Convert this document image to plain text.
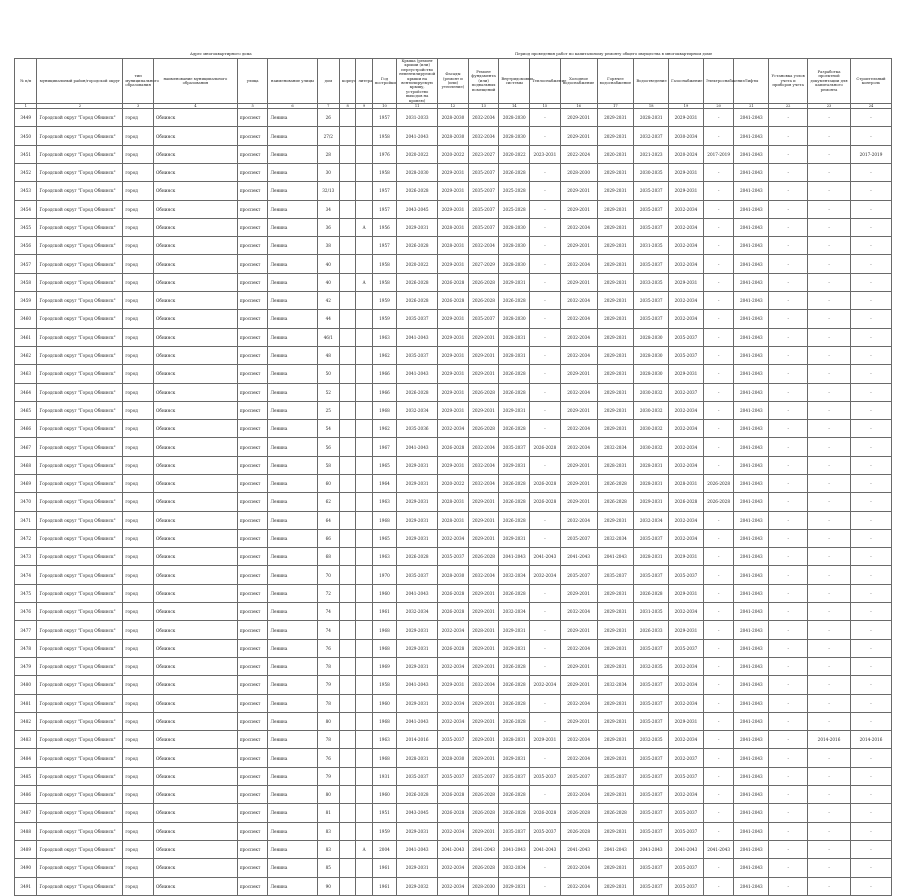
Адрес многоквартирного дома	Период проведения работ по капитальному ремонту общего имущества в многоквартирном доме
№ п/п	муниципальный район/городской округ	тип муниципального образования	наименование муниципального образования	улица	наименование улицы	дом	корпус	литера	Год постройки	Крыша (ремонт крыши (или) переустройство невентилируемой крыши на вентилируемую крышу, устройство выходов на кровлю)	Фасады (ремонт и (или) утепление)	Ремонт фундамента (или) подвальных помещений	Внутридомовые системы	Теплоснабжение	Холодное водоснабжение	Горячее водоснабжение	Водоотведение	Газоснабжение	Электроснабжение	Лифты	Установка узлов учета и приборов учета	Разработка проектной документации для капитального ремонта	Строительный контроль
1	2	3	4	5	6	7	8	9	10	11	12	13	14	15	16	17	18	19	20	21	22	23	24
3449	Городской округ "Город Обнинск"	город	Обнинск	проспект	Ленина	26			1957	2031-2033	2028-2030	2032-2034	2028-2030	-	2029-2031	2029-2031	2028-2031	2029-2031	-	2041-2043	-	-	-
3450	Городской округ "Город Обнинск"	город	Обнинск	проспект	Ленина	27/2			1958	2041-2043	2028-2030	2032-2034	2028-2030	-	2029-2031	2029-2031	2032-2037	2030-2034	-	2041-2043	-	-	-
3451	Городской округ "Город Обнинск"	город	Обнинск	проспект	Ленина	28			1976	2020-2022	2020-2022	2023-2027	2020-2022	2023-2031	2022-2024	2020-2031	2021-2023	2020-2024	2017-2019	2041-2043	-	-	2017-2019
3452	Городской округ "Город Обнинск"	город	Обнинск	проспект	Ленина	30			1958	2028-2030	2029-2031	2035-2037	2026-2028	-	2028-2030	2029-2031	2030-2035	2029-2031	-	2041-2043	-	-	-
3453	Городской округ "Город Обнинск"	город	Обнинск	проспект	Ленина	32/13			1957	2026-2028	2029-2031	2035-2037	2025-2028	-	2029-2031	2029-2031	2035-2037	2029-2031	-	2041-2043	-	-	-
3454	Городской округ "Город Обнинск"	город	Обнинск	проспект	Ленина	34			1957	2043-2045	2029-2031	2035-2037	2025-2028	-	2029-2031	2029-2031	2035-2037	2032-2034	-	2041-2043	-	-	-
3455	Городской округ "Город Обнинск"	город	Обнинск	проспект	Ленина	36		А	1956	2029-2031	2028-2031	2035-2037	2028-2030	-	2032-2034	2029-2031	2035-2037	2032-2034	-	2041-2043	-	-	-
3456	Городской округ "Город Обнинск"	город	Обнинск	проспект	Ленина	38			1957	2026-2028	2028-2031	2032-2034	2028-2030	-	2029-2031	2029-2031	2031-2035	2032-2034	-	2041-2043	-	-	-
3457	Городской округ "Город Обнинск"	город	Обнинск	проспект	Ленина	40			1958	2020-2022	2029-2031	2027-2029	2028-2030	-	2032-2034	2029-2031	2035-2037	2032-2034	-	2041-2043	-	-	-
3458	Городской округ "Город Обнинск"	город	Обнинск	проспект	Ленина	40		А	1958	2026-2028	2026-2028	2026-2028	2029-2031	-	2029-2031	2029-2031	2033-2035	2029-2031	-	2041-2043	-	-	-
3459	Городской округ "Город Обнинск"	город	Обнинск	проспект	Ленина	42			1959	2026-2028	2026-2028	2026-2028	2026-2028	-	2032-2034	2029-2031	2035-2037	2032-2034	-	2041-2043	-	-	-
3460	Городской округ "Город Обнинск"	город	Обнинск	проспект	Ленина	44			1959	2035-2037	2029-2031	2035-2037	2028-2030	-	2032-2034	2029-2031	2035-2037	2032-2034	-	2041-2043	-	-	-
3461	Городской округ "Город Обнинск"	город	Обнинск	проспект	Ленина	46/1			1963	2041-2043	2029-2031	2029-2031	2028-2031	-	2032-2034	2029-2031	2028-2030	2035-2037	-	2041-2043	-	-	-
3462	Городской округ "Город Обнинск"	город	Обнинск	проспект	Ленина	48			1962	2035-2037	2029-2031	2029-2031	2028-2031	-	2032-2034	2029-2031	2028-2030	2035-2037	-	2041-2043	-	-	-
3463	Городской округ "Город Обнинск"	город	Обнинск	проспект	Ленина	50			1966	2041-2043	2029-2031	2029-2031	2026-2028	-	2029-2031	2029-2031	2028-2030	2029-2031	-	2041-2043	-	-	-
3464	Городской округ "Город Обнинск"	город	Обнинск	проспект	Ленина	52			1966	2026-2028	2029-2031	2026-2028	2026-2028	-	2032-2034	2029-2031	2030-2032	2032-2037	-	2041-2043	-	-	-
3465	Городской округ "Город Обнинск"	город	Обнинск	проспект	Ленина	25			1968	2032-2034	2029-2031	2029-2031	2029-2031	-	2029-2031	2029-2031	2030-2032	2032-2034	-	2041-2043	-	-	-
3466	Городской округ "Город Обнинск"	город	Обнинск	проспект	Ленина	54			1962	2035-2036	2032-2034	2026-2028	2026-2028	-	2032-2034	2029-2031	2030-2032	2032-2034	-	2041-2043	-	-	-
3467	Городской округ "Город Обнинск"	город	Обнинск	проспект	Ленина	56			1967	2041-2043	2026-2028	2032-2034	2035-2037	2026-2028	2032-2034	2032-2034	2030-2032	2032-2034	-	2041-2043	-	-	-
3468	Городской округ "Город Обнинск"	город	Обнинск	проспект	Ленина	58			1965	2029-2031	2029-2031	2032-2034	2029-2031	-	2029-2031	2028-2031	2028-2031	2032-2034	-	2041-2043	-	-	-
3469	Городской округ "Город Обнинск"	город	Обнинск	проспект	Ленина	60			1964	2029-2031	2020-2022	2032-2034	2026-2028	2026-2028	2029-2031	2026-2028	2028-2031	2028-2031	2026-2028	2041-2043	-	-	-
3470	Городской округ "Город Обнинск"	город	Обнинск	проспект	Ленина	62			1963	2029-2031	2028-2031	2029-2031	2026-2028	2026-2028	2029-2031	2026-2028	2029-2031	2026-2028	2026-2028	2041-2043	-	-	-
3471	Городской округ "Город Обнинск"	город	Обнинск	проспект	Ленина	64			1968	2029-2031	2028-2031	2029-2031	2026-2028	-	2032-2034	2029-2031	2032-2034	2032-2034	-	2041-2043	-	-	-
3472	Городской округ "Город Обнинск"	город	Обнинск	проспект	Ленина	66			1965	2029-2031	2032-2034	2029-2031	2029-2031	-	2035-2037	2032-2034	2035-2037	2032-2034	-	2041-2043	-	-	-
3473	Городской округ "Город Обнинск"	город	Обнинск	проспект	Ленина	68			1963	2026-2028	2035-2037	2026-2028	2041-2043	2041-2043	2041-2043	2041-2043	2028-2031	2029-2031	-	2041-2043	-	-	-
3474	Городской округ "Город Обнинск"	город	Обнинск	проспект	Ленина	70			1970	2035-2037	2028-2030	2032-2034	2032-2034	2032-2034	2035-2037	2035-2037	2035-2037	2035-2037	-	2041-2043	-	-	-
3475	Городской округ "Город Обнинск"	город	Обнинск	проспект	Ленина	72			1960	2041-2043	2026-2028	2029-2031	2026-2028	-	2029-2031	2029-2031	2026-2028	2029-2031	-	2041-2043	-	-	-
3476	Городской округ "Город Обнинск"	город	Обнинск	проспект	Ленина	74			1961	2032-2034	2026-2028	2029-2031	2032-2034	-	2032-2034	2029-2031	2031-2035	2032-2034	-	2041-2043	-	-	-
3477	Городской округ "Город Обнинск"	город	Обнинск	проспект	Ленина	74			1968	2029-2031	2032-2034	2028-2031	2029-2031	-	2029-2031	2029-2031	2026-2033	2029-2031	-	2041-2043	-	-	-
3478	Городской округ "Город Обнинск"	город	Обнинск	проспект	Ленина	76			1968	2029-2031	2026-2028	2029-2031	2029-2031	-	2032-2034	2029-2031	2035-2037	2035-2037	-	2041-2043	-	-	-
3479	Городской округ "Город Обнинск"	город	Обнинск	проспект	Ленина	78			1969	2029-2031	2032-2034	2029-2031	2026-2028	-	2029-2031	2029-2031	2032-2035	2032-2034	-	2041-2043	-	-	-
3480	Городской округ "Город Обнинск"	город	Обнинск	проспект	Ленина	79			1958	2041-2043	2029-2031	2032-2034	2026-2028	2032-2034	2029-2031	2032-2034	2035-2037	2032-2034	-	2041-2043	-	-	-
3481	Городской округ "Город Обнинск"	город	Обнинск	проспект	Ленина	78			1960	2029-2031	2032-2034	2029-2031	2026-2028	-	2032-2034	2029-2031	2035-2037	2032-2034	-	2041-2043	-	-	-
3482	Городской округ "Город Обнинск"	город	Обнинск	проспект	Ленина	80			1968	2041-2043	2032-2034	2029-2031	2026-2028	-	2029-2031	2029-2031	2035-2037	2029-2031	-	2041-2043	-	-	-
3483	Городской округ "Город Обнинск"	город	Обнинск	проспект	Ленина	78			1963	2014-2016	2035-2037	2029-2031	2028-2031	2029-2031	2032-2034	2029-2031	2032-2035	2032-2034	-	2041-2043	-	2014-2016	2014-2016
3484	Городской округ "Город Обнинск"	город	Обнинск	проспект	Ленина	76			1968	2028-2031	2028-2030	2029-2031	2029-2031	-	2032-2034	2029-2031	2035-2037	2032-2037	-	2041-2043	-	-	-
3485	Городской округ "Город Обнинск"	город	Обнинск	проспект	Ленина	79			1931	2035-2037	2035-2037	2035-2037	2035-2037	2035-2037	2035-2037	2035-2037	2035-2037	2035-2037	-	2041-2043	-	-	-
3486	Городской округ "Город Обнинск"	город	Обнинск	проспект	Ленина	80			1960	2026-2028	2026-2028	2026-2028	2026-2028	-	2032-2034	2029-2031	2035-2037	2032-2034	-	2041-2043	-	-	-
3487	Городской округ "Город Обнинск"	город	Обнинск	проспект	Ленина	81			1951	2043-2045	2026-2028	2026-2028	2026-2028	2026-2028	2026-2028	2026-2028	2035-2037	2035-2037	-	2041-2043	-	-	-
3488	Городской округ "Город Обнинск"	город	Обнинск	проспект	Ленина	83			1959	2029-2031	2032-2034	2029-2031	2035-2037	2035-2037	2026-2028	2029-2031	2035-2037	2035-2037	-	2041-2043	-	-	-
3489	Городской округ "Город Обнинск"	город	Обнинск	проспект	Ленина	83		А	2004	2041-2043	2041-2043	2041-2043	2041-2043	2041-2043	2041-2043	2041-2043	2041-2043	2041-2043	2041-2043	2041-2043	-	-	-
3490	Городской округ "Город Обнинск"	город	Обнинск	проспект	Ленина	85			1961	2029-2031	2032-2034	2026-2028	2032-2034	-	2032-2034	2029-2031	2035-2037	2035-2037	-	2041-2043	-	-	-
3491	Городской округ "Город Обнинск"	город	Обнинск	проспект	Ленина	90			1961	2029-2032	2032-2034	2028-2030	2029-2031	-	2032-2034	2029-2031	2035-2037	2035-2037	-	2041-2043	-	-	-
